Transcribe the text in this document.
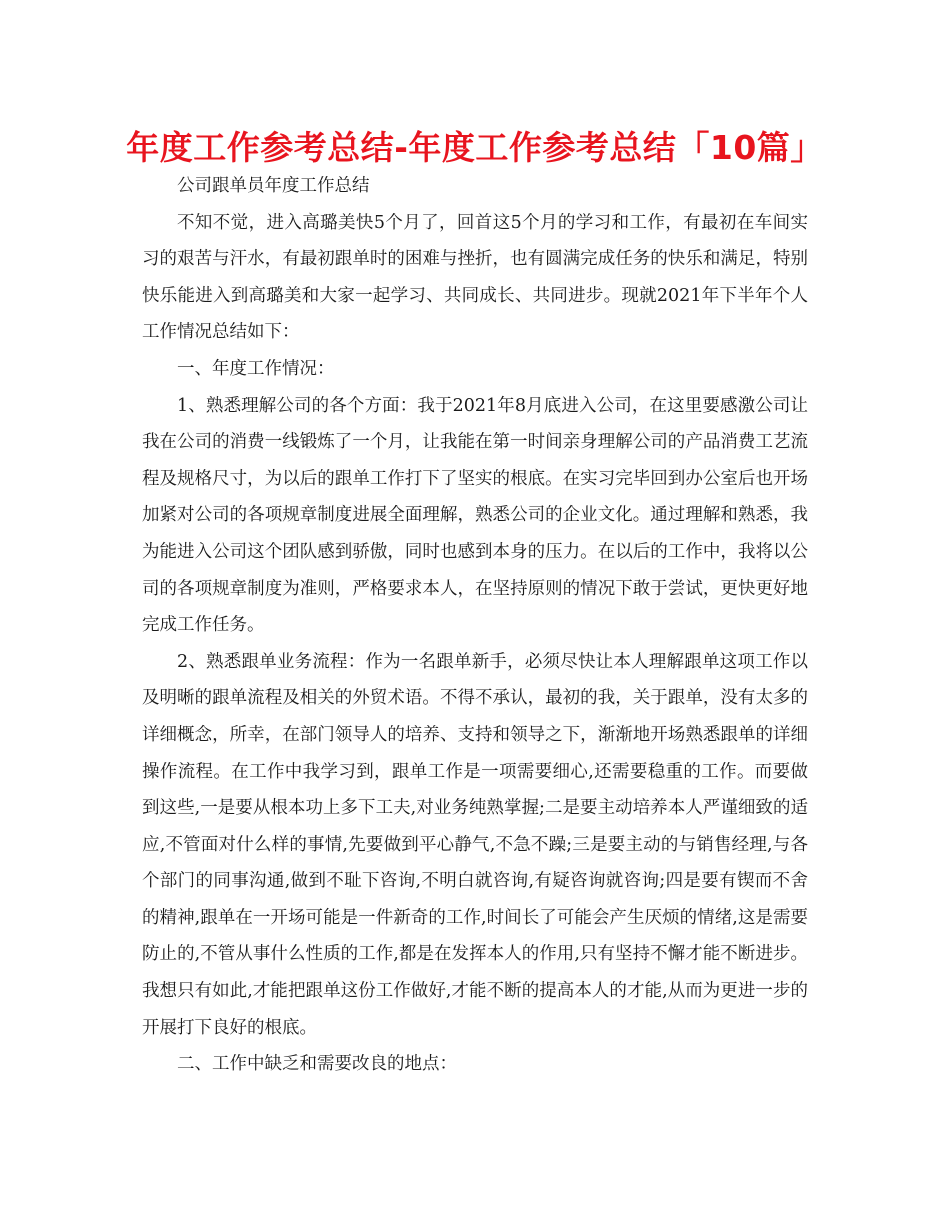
年度工作参考总结-年度工作参考总结「10篇」

公司跟单员年度工作总结

不知不觉，进入高璐美快5个月了，回首这5个月的学习和工作，有最初在车间实习的艰苦与汗水，有最初跟单时的困难与挫折，也有圆满完成任务的快乐和满足，特别快乐能进入到高璐美和大家一起学习、共同成长、共同进步。现就2021年下半年个人工作情况总结如下：

一、年度工作情况：

1、熟悉理解公司的各个方面：我于2021年8月底进入公司，在这里要感激公司让我在公司的消费一线锻炼了一个月，让我能在第一时间亲身理解公司的产品消费工艺流程及规格尺寸，为以后的跟单工作打下了坚实的根底。在实习完毕回到办公室后也开场加紧对公司的各项规章制度进展全面理解，熟悉公司的企业文化。通过理解和熟悉，我为能进入公司这个团队感到骄傲，同时也感到本身的压力。在以后的工作中，我将以公司的各项规章制度为准则，严格要求本人，在坚持原则的情况下敢于尝试，更快更好地完成工作任务。

2、熟悉跟单业务流程：作为一名跟单新手，必须尽快让本人理解跟单这项工作以及明晰的跟单流程及相关的外贸术语。不得不承认，最初的我，关于跟单，没有太多的详细概念，所幸，在部门领导人的培养、支持和领导之下，渐渐地开场熟悉跟单的详细操作流程。在工作中我学习到，跟单工作是一项需要细心,还需要稳重的工作。而要做到这些,一是要从根本功上多下工夫,对业务纯熟掌握;二是要主动培养本人严谨细致的适应,不管面对什么样的事情,先要做到平心静气,不急不躁;三是要主动的与销售经理,与各个部门的同事沟通,做到不耻下咨询,不明白就咨询,有疑咨询就咨询;四是要有锲而不舍的精神,跟单在一开场可能是一件新奇的工作,时间长了可能会产生厌烦的情绪,这是需要防止的,不管从事什么性质的工作,都是在发挥本人的作用,只有坚持不懈才能不断进步。我想只有如此,才能把跟单这份工作做好,才能不断的提高本人的才能,从而为更进一步的开展打下良好的根底。

二、工作中缺乏和需要改良的地点：
